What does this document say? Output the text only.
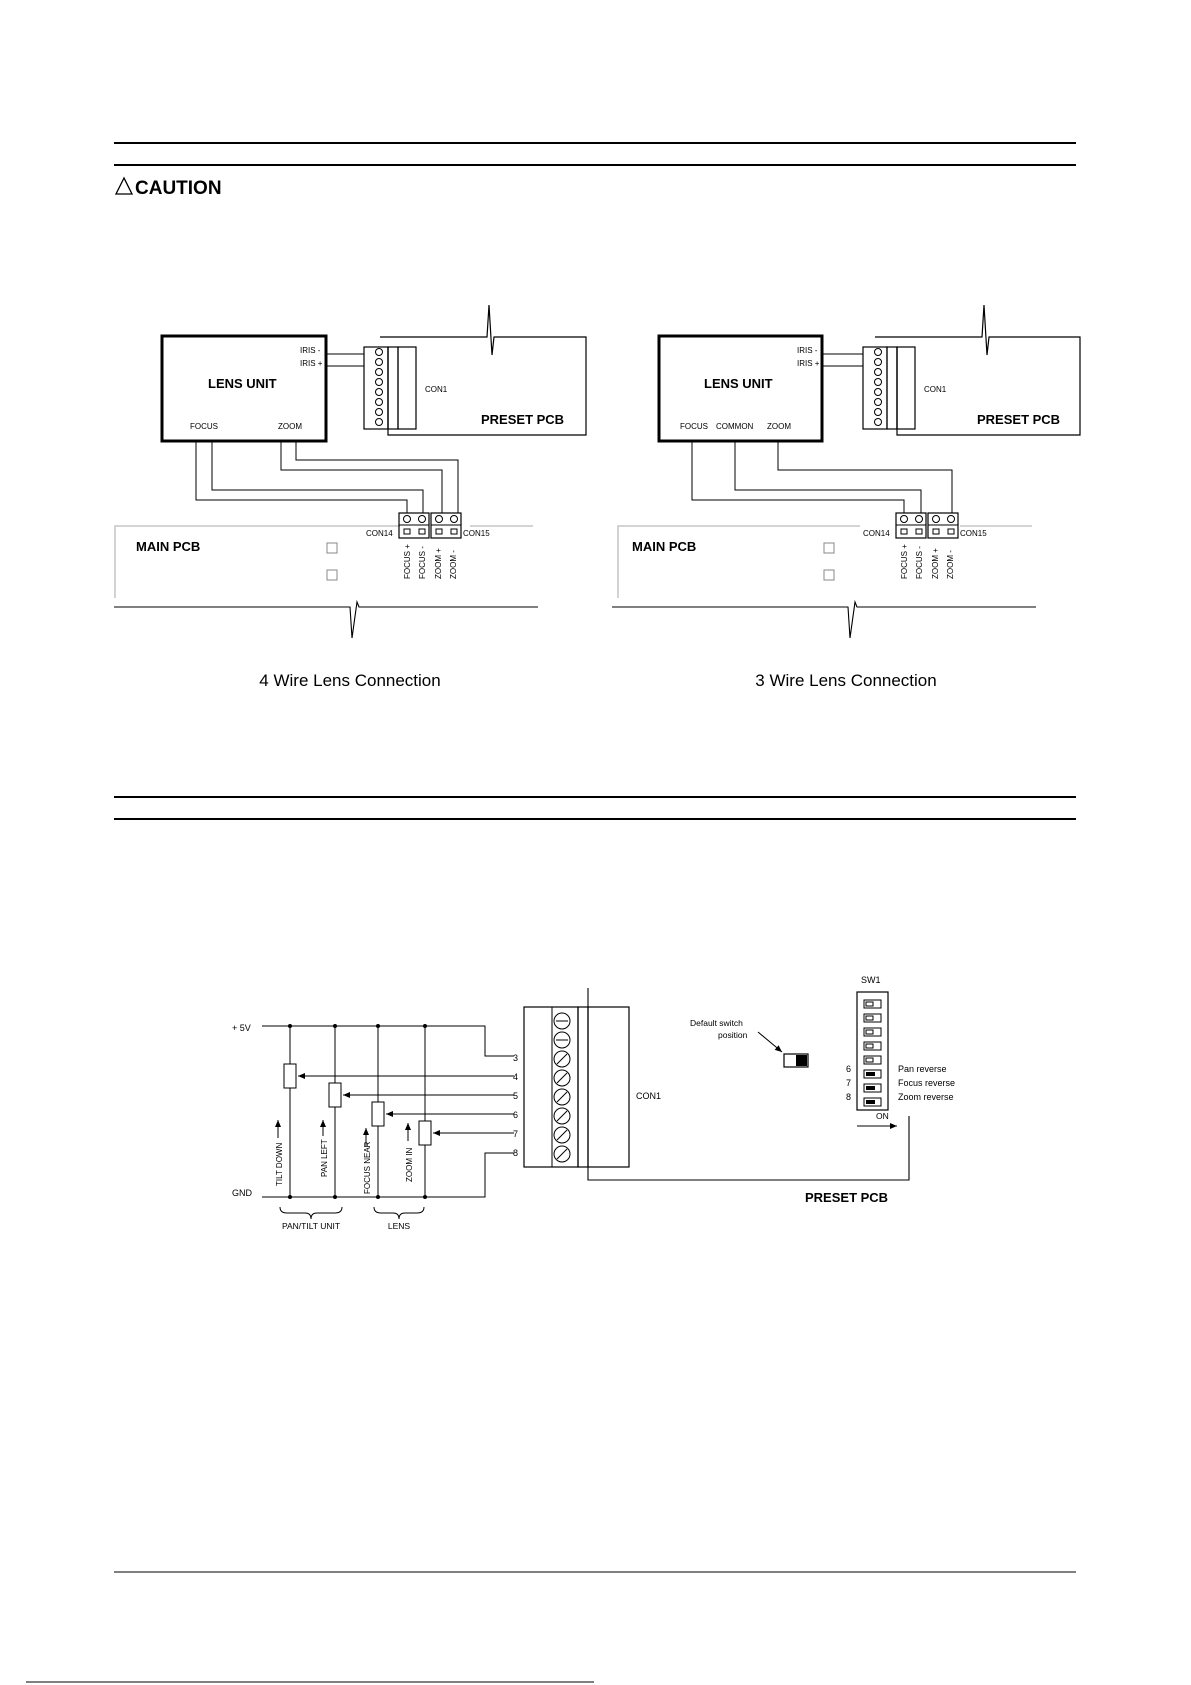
CAUTION
IRIS -
IRIS +
LENS UNIT
FOCUS	ZOOM
CON1
PRESET PCB
MAIN PCB
CON14	CON15
FOCUS + FOCUS - ZOOM + ZOOM -
4 Wire Lens Connection
IRIS -
IRIS +
LENS UNIT
FOCUS COMMON ZOOM
CON1
PRESET PCB
MAIN PCB
CON14	CON15
FOCUS + FOCUS - ZOOM + ZOOM -
3 Wire Lens Connection
+ 5V
GND
3
4
5
6
7
8
TILT DOWN	PAN LEFT	FOCUS NEAR	ZOOM IN
PAN/TILT UNIT	LENS
CON1
PRESET PCB
Default switch
position
SW1
6
7
8
Pan reverse
Focus reverse
Zoom reverse
ON
